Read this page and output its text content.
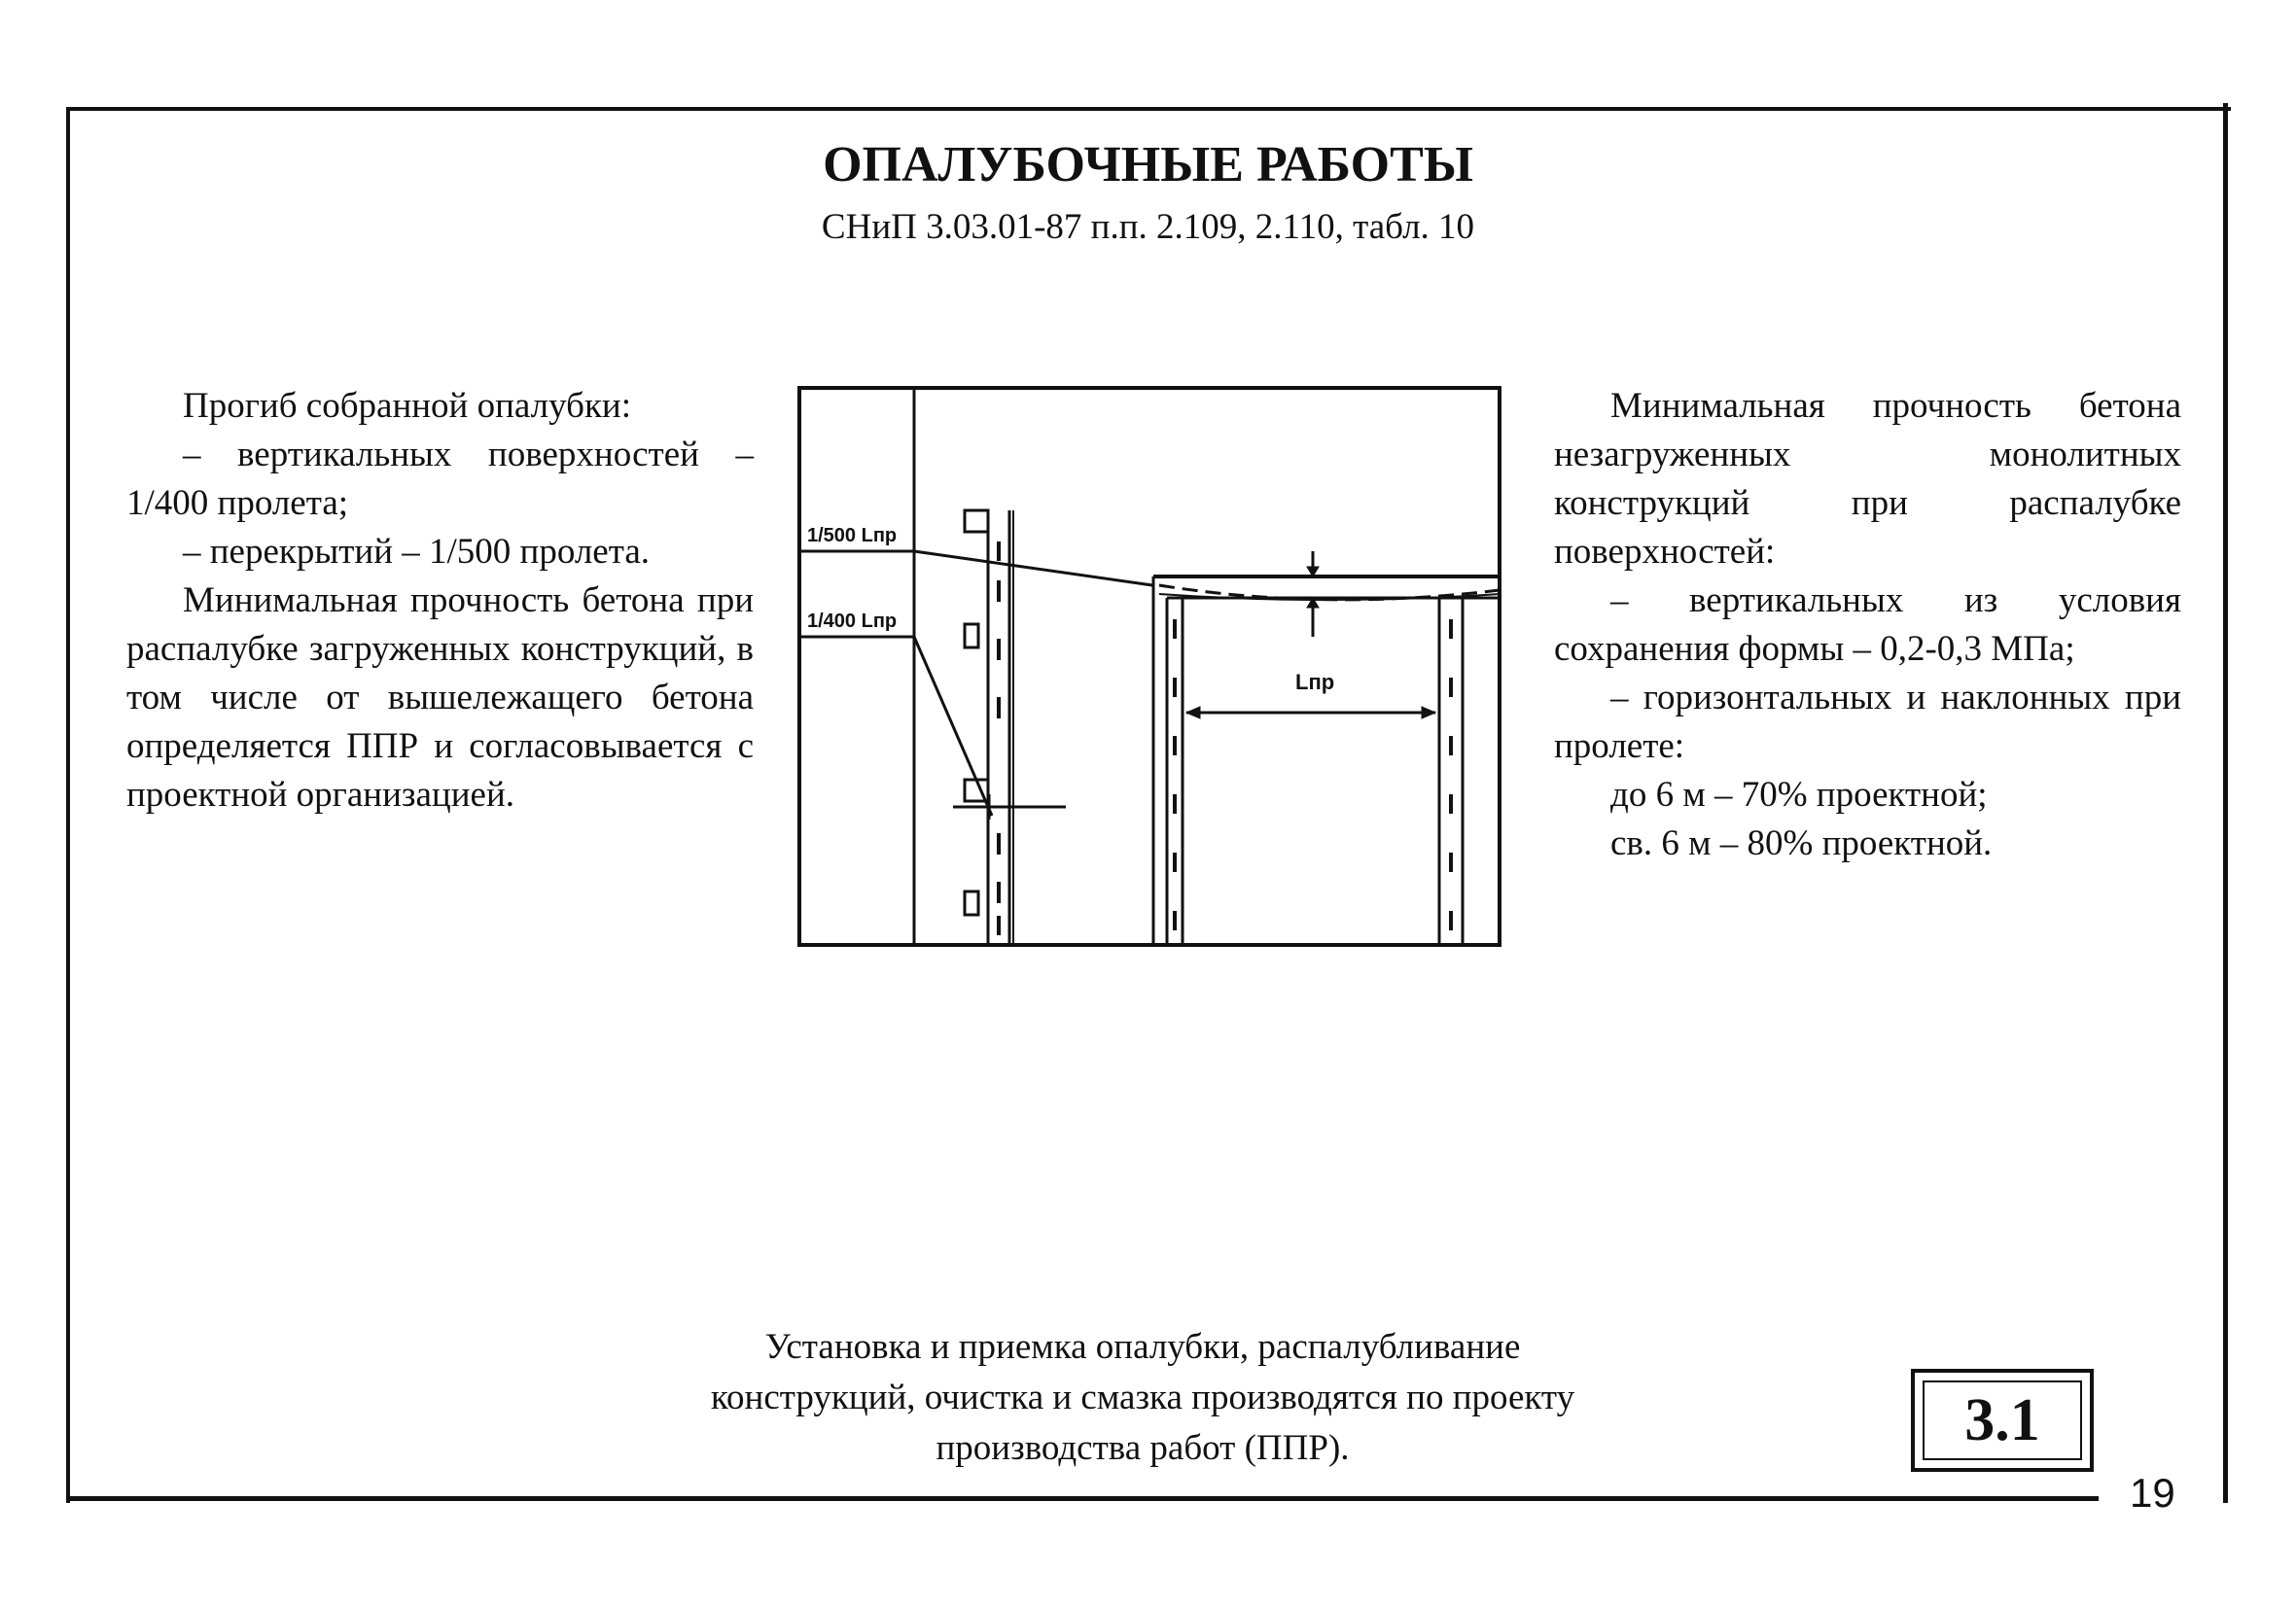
ОПАЛУБОЧНЫЕ РАБОТЫ
СНиП 3.03.01-87 п.п. 2.109, 2.110, табл. 10

Прогиб собранной опалубки:

– вертикальных поверхностей – 1/400 пролета;

– перекрытий – 1/500 пролета.

Минимальная прочность бетона при распалубке загруженных конструкций, в том числе от вышележащего бетона определяется ППР и согласовывается с проектной организацией.

Минимальная прочность бетона незагруженных монолитных конструкций при распалубке поверхностей:

– вертикальных из условия сохранения формы – 0,2-0,3 МПа;

– горизонтальных и наклонных при пролете:

до 6 м – 70% проектной;

св. 6 м – 80% проектной.

1/500 Lпр
1/400 Lпр
Lпр

Установка и приемка опалубки, распалубливание

конструкций, очистка и смазка производятся по проекту

производства работ (ППР).	3.1
19
